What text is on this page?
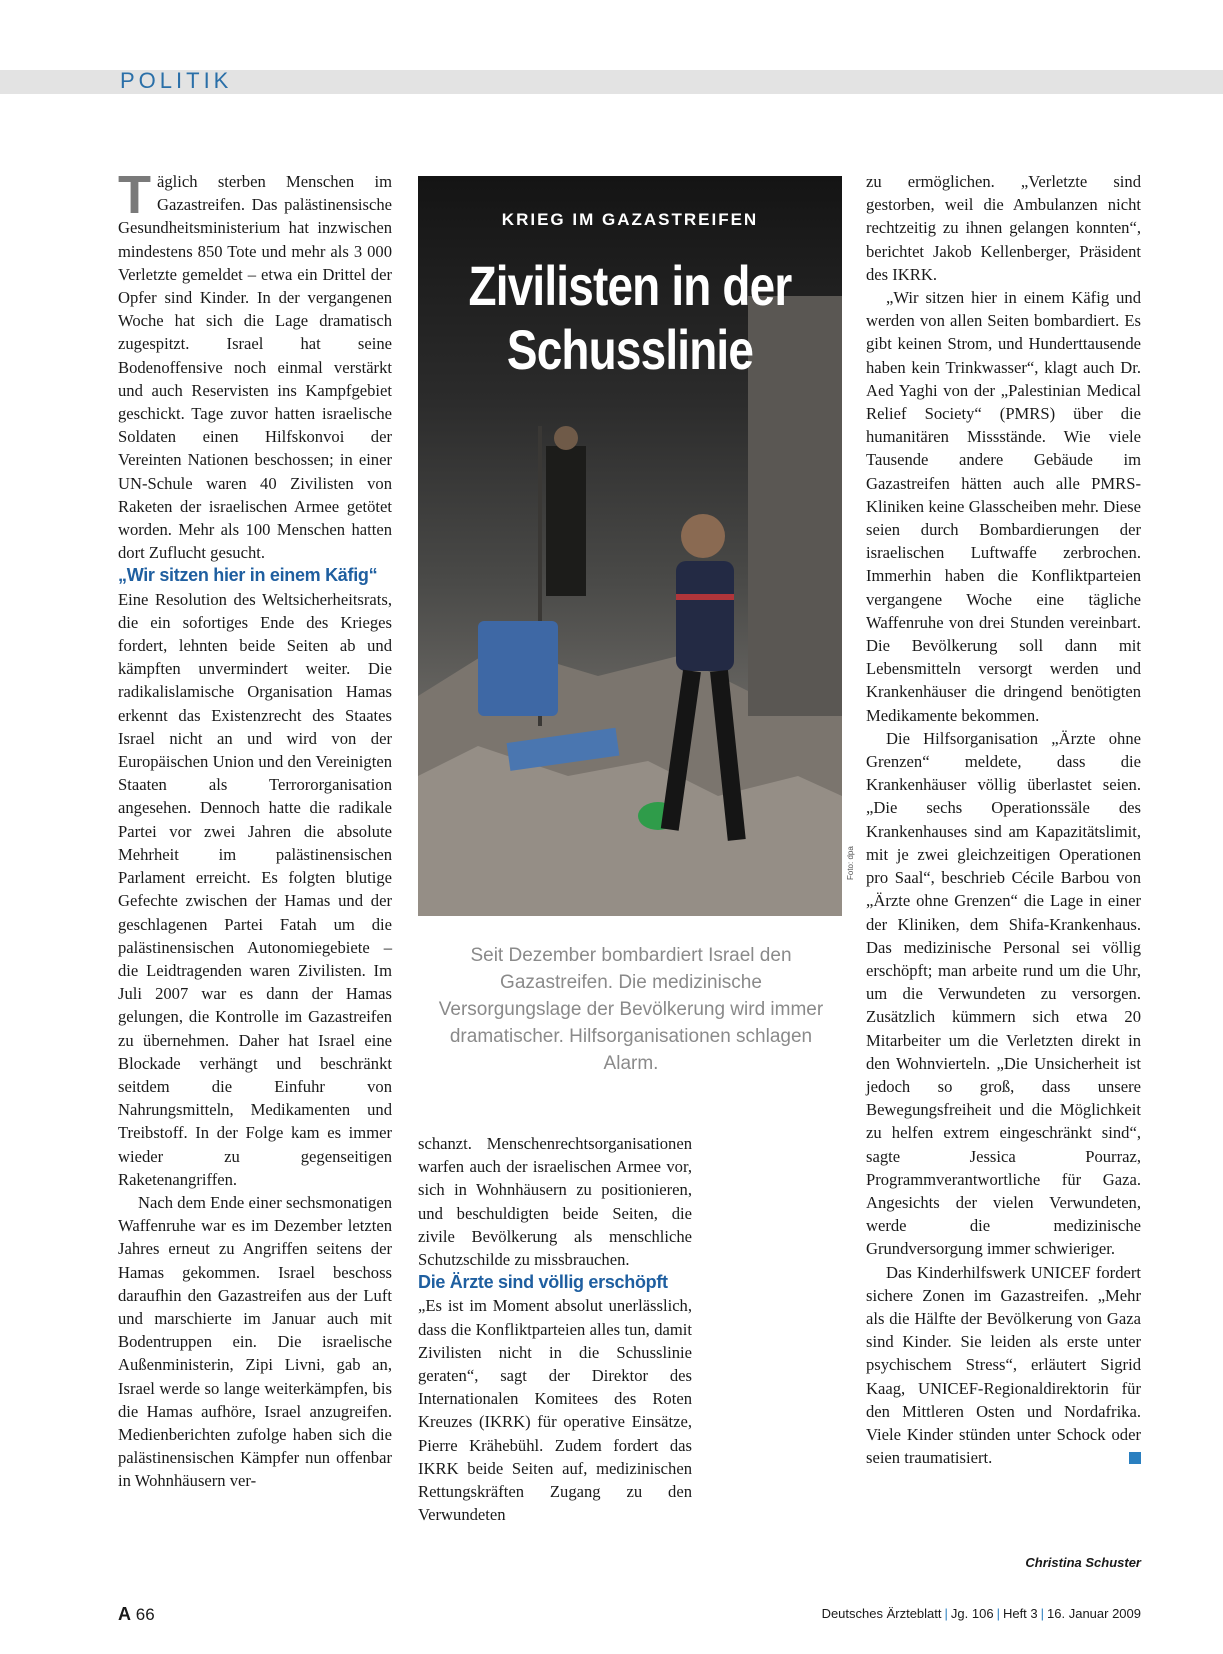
POLITIK

Täglich sterben Menschen im Gazastreifen. Das palästinensische Gesundheitsministerium hat inzwischen mindestens 850 Tote und mehr als 3 000 Verletzte gemeldet – etwa ein Drittel der Opfer sind Kinder. In der vergangenen Woche hat sich die Lage dramatisch zugespitzt. Israel hat seine Bodenoffensive noch einmal verstärkt und auch Reservisten ins Kampfgebiet geschickt. Tage zuvor hatten israelische Soldaten einen Hilfskonvoi der Vereinten Nationen beschossen; in einer UN-Schule waren 40 Zivilisten von Raketen der israelischen Armee getötet worden. Mehr als 100 Menschen hatten dort Zuflucht gesucht.

„Wir sitzen hier in einem Käfig“

Eine Resolution des Weltsicherheitsrats, die ein sofortiges Ende des Krieges fordert, lehnten beide Seiten ab und kämpften unvermindert weiter. Die radikalislamische Organisation Hamas erkennt das Existenzrecht des Staates Israel nicht an und wird von der Europäischen Union und den Vereinigten Staaten als Terrororganisation angesehen. Dennoch hatte die radikale Partei vor zwei Jahren die absolute Mehrheit im palästinensischen Parlament erreicht. Es folgten blutige Gefechte zwischen der Hamas und der geschlagenen Partei Fatah um die palästinensischen Autonomiegebiete – die Leidtragenden waren Zivilisten. Im Juli 2007 war es dann der Hamas gelungen, die Kontrolle im Gazastreifen zu übernehmen. Daher hat Israel eine Blockade verhängt und beschränkt seitdem die Einfuhr von Nahrungsmitteln, Medikamenten und Treibstoff. In der Folge kam es immer wieder zu gegenseitigen Raketenangriffen.

Nach dem Ende einer sechsmonatigen Waffenruhe war es im Dezember letzten Jahres erneut zu Angriffen seitens der Hamas gekommen. Israel beschoss daraufhin den Gazastreifen aus der Luft und marschierte im Januar auch mit Bodentruppen ein. Die israelische Außenministerin, Zipi Livni, gab an, Israel werde so lange weiterkämpfen, bis die Hamas aufhöre, Israel anzugreifen. Medienberichten zufolge haben sich die palästinensischen Kämpfer nun offenbar in Wohnhäusern ver-

KRIEG IM GAZASTREIFEN
Zivilisten in der
Schusslinie
Foto: dpa
Seit Dezember bombardiert Israel den Gazastreifen. Die medizinische Versorgungslage der Bevölkerung wird immer dramatischer. Hilfsorganisationen schlagen Alarm.

schanzt. Menschenrechtsorganisationen warfen auch der israelischen Armee vor, sich in Wohnhäusern zu positionieren, und beschuldigten beide Seiten, die zivile Bevölkerung als menschliche Schutzschilde zu missbrauchen.

Die Ärzte sind völlig erschöpft

„Es ist im Moment absolut unerlässlich, dass die Konfliktparteien alles tun, damit Zivilisten nicht in die Schusslinie geraten“, sagt der Direktor des Internationalen Komitees des Roten Kreuzes (IKRK) für operative Einsätze, Pierre Krähebühl. Zudem fordert das IKRK beide Seiten auf, medizinischen Rettungskräften Zugang zu den Verwundeten

zu ermöglichen. „Verletzte sind gestorben, weil die Ambulanzen nicht rechtzeitig zu ihnen gelangen konnten“, berichtet Jakob Kellenberger, Präsident des IKRK.

„Wir sitzen hier in einem Käfig und werden von allen Seiten bombardiert. Es gibt keinen Strom, und Hunderttausende haben kein Trinkwasser“, klagt auch Dr. Aed Yaghi von der „Palestinian Medical Relief Society“ (PMRS) über die humanitären Missstände. Wie viele Tausende andere Gebäude im Gazastreifen hätten auch alle PMRS-Kliniken keine Glasscheiben mehr. Diese seien durch Bombardierungen der israelischen Luftwaffe zerbrochen. Immerhin haben die Konfliktparteien vergangene Woche eine tägliche Waffenruhe von drei Stunden vereinbart. Die Bevölkerung soll dann mit Lebensmitteln versorgt werden und Krankenhäuser die dringend benötigten Medikamente bekommen.

Die Hilfsorganisation „Ärzte ohne Grenzen“ meldete, dass die Krankenhäuser völlig überlastet seien. „Die sechs Operationssäle des Krankenhauses sind am Kapazitätslimit, mit je zwei gleichzeitigen Operationen pro Saal“, beschrieb Cécile Barbou von „Ärzte ohne Grenzen“ die Lage in einer der Kliniken, dem Shifa-Krankenhaus. Das medizinische Personal sei völlig erschöpft; man arbeite rund um die Uhr, um die Verwundeten zu versorgen. Zusätzlich kümmern sich etwa 20 Mitarbeiter um die Verletzten direkt in den Wohnvierteln. „Die Unsicherheit ist jedoch so groß, dass unsere Bewegungsfreiheit und die Möglichkeit zu helfen extrem eingeschränkt sind“, sagte Jessica Pourraz, Programmverantwortliche für Gaza. Angesichts der vielen Verwundeten, werde die medizinische Grundversorgung immer schwieriger.

Das Kinderhilfswerk UNICEF fordert sichere Zonen im Gazastreifen. „Mehr als die Hälfte der Bevölkerung von Gaza sind Kinder. Sie leiden als erste unter psychischem Stress“, erläutert Sigrid Kaag, UNICEF-Regionaldirektorin für den Mittleren Osten und Nordafrika. Viele Kinder stünden unter Schock oder seien traumatisiert.

Christina Schuster
A 66	Deutsches Ärzteblatt | Jg. 106 | Heft 3 | 16. Januar 2009
